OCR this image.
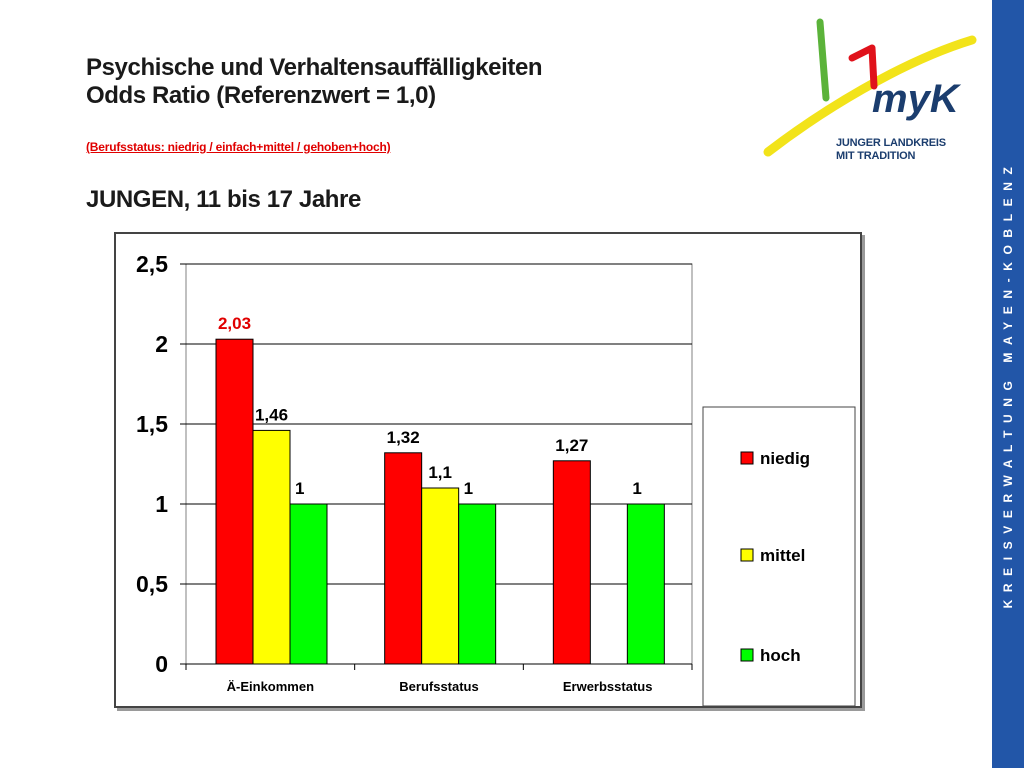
Psychische und Verhaltensauffälligkeiten
Odds Ratio (Referenzwert = 1,0)
(Berufsstatus: niedrig / einfach+mittel / gehoben+hoch)
JUNGEN, 11 bis 17 Jahre
myK
JUNGER LANDKREIS
MIT TRADITION
KREISVERWALTUNG MAYEN-KOBLENZ
0
0,5
1
1,5
2
2,5
Ä-Einkommen
2,03
1,46
1
Berufsstatus
1,32
1,1
1
Erwerbsstatus
1,27
1
niedig
mittel
hoch
